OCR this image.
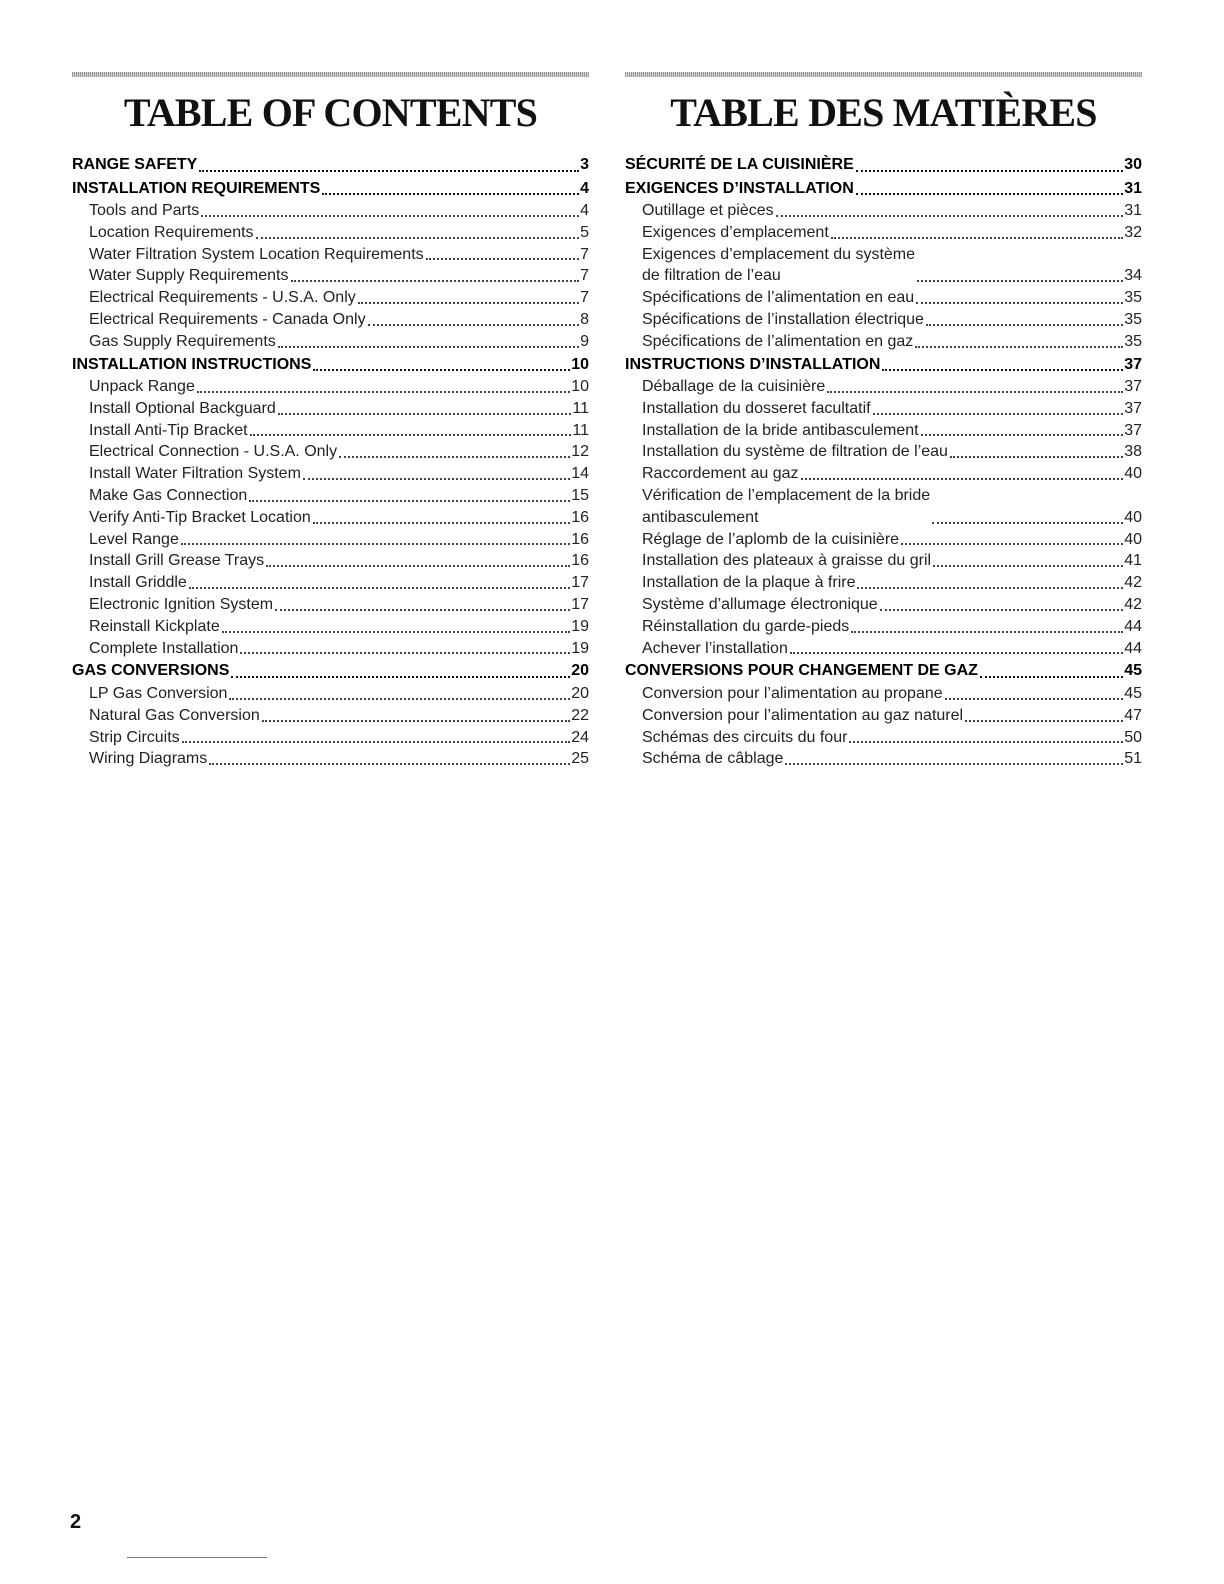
TABLE OF CONTENTS
RANGE SAFETY	3
INSTALLATION REQUIREMENTS	4
Tools and Parts	4
Location Requirements	5
Water Filtration System Location Requirements	7
Water Supply Requirements	7
Electrical Requirements - U.S.A. Only	7
Electrical Requirements - Canada Only	8
Gas Supply Requirements	9
INSTALLATION INSTRUCTIONS	10
Unpack Range	10
Install Optional Backguard	11
Install Anti-Tip Bracket	11
Electrical Connection - U.S.A. Only	12
Install Water Filtration System	14
Make Gas Connection	15
Verify Anti-Tip Bracket Location	16
Level Range	16
Install Grill Grease Trays	16
Install Griddle	17
Electronic Ignition System	17
Reinstall Kickplate	19
Complete Installation	19
GAS CONVERSIONS	20
LP Gas Conversion	20
Natural Gas Conversion	22
Strip Circuits	24
Wiring Diagrams	25
TABLE DES MATIÈRES
SÉCURITÉ DE LA CUISINIÈRE	30
EXIGENCES D’INSTALLATION	31
Outillage et pièces	31
Exigences d’emplacement	32
Exigences d’emplacement du système
de filtration de l’eau	34
Spécifications de l’alimentation en eau	35
Spécifications de l’installation électrique	35
Spécifications de l’alimentation en gaz	35
INSTRUCTIONS D’INSTALLATION	37
Déballage de la cuisinière	37
Installation du dosseret facultatif	37
Installation de la bride antibasculement	37
Installation du système de filtration de l’eau	38
Raccordement au gaz	40
Vérification de l’emplacement de la bride
antibasculement	40
Réglage de l’aplomb de la cuisinière	40
Installation des plateaux à graisse du gril	41
Installation de la plaque à frire	42
Système d’allumage électronique	42
Réinstallation du garde-pieds	44
Achever l’installation	44
CONVERSIONS POUR CHANGEMENT DE GAZ	45
Conversion pour l’alimentation au propane	45
Conversion pour l’alimentation au gaz naturel	47
Schémas des circuits du four	50
Schéma de câblage	51
2
